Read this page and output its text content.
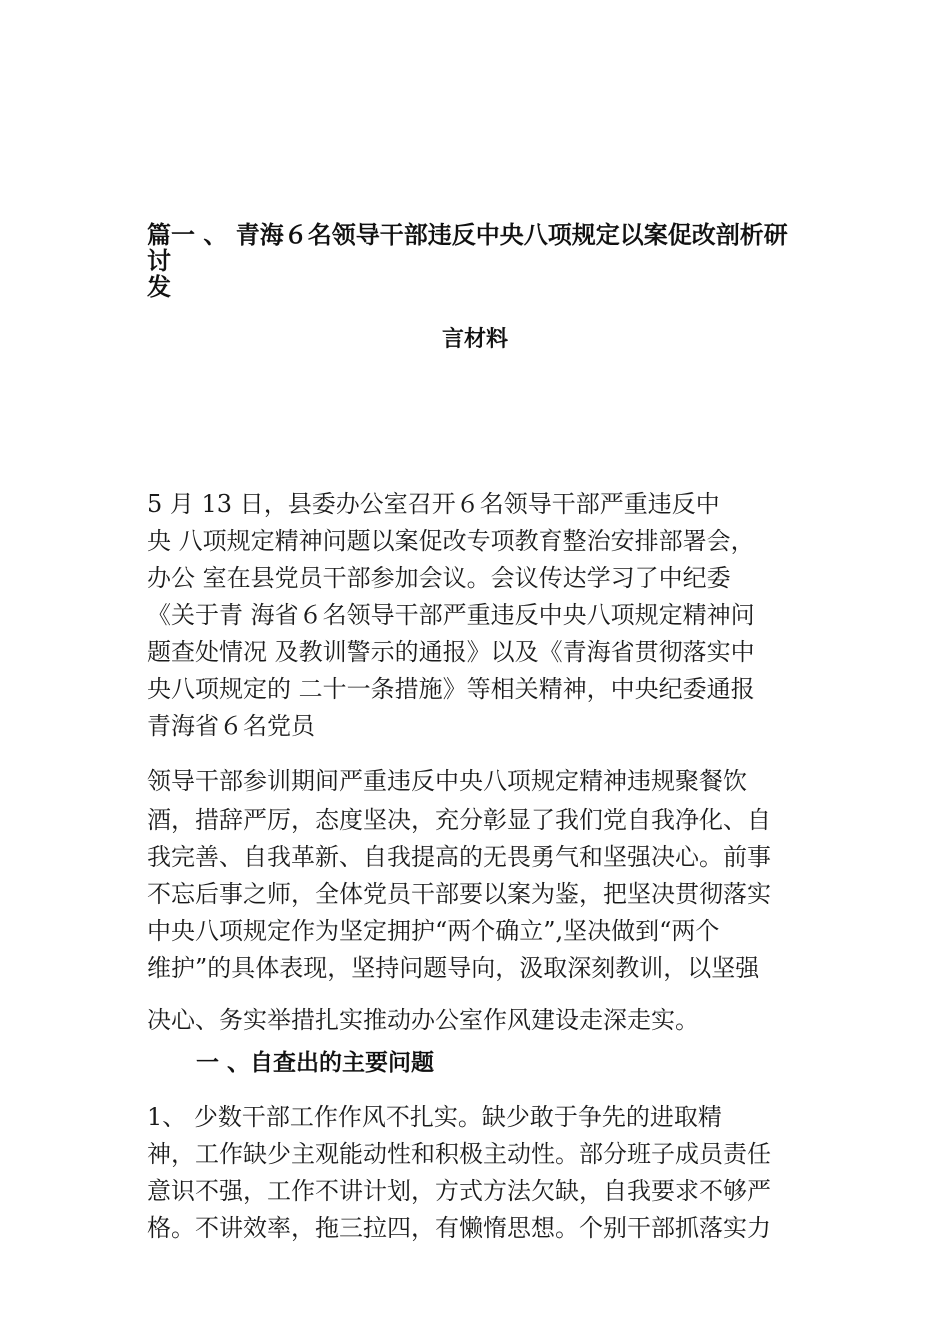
篇一 、 青海６名领导干部违反中央八项规定以案促改剖析研讨
发
言材料

5 月 13 日，县委办公室召开６名领导干部严重违反中

央 八项规定精神问题以案促改专项教育整治安排部署会，

办公 室在县党员干部参加会议。会议传达学习了中纪委

《关于青 海省６名领导干部严重违反中央八项规定精神问

题查处情况 及教训警示的通报》以及《青海省贯彻落实中

央八项规定的 二十一条措施》等相关精神，中央纪委通报

青海省６名党员

领导干部参训期间严重违反中央八项规定精神违规聚餐饮

酒，措辞严厉，态度坚决，充分彰显了我们党自我净化、自

我完善、自我革新、自我提高的无畏勇气和坚强决心。前事

不忘后事之师，全体党员干部要以案为鉴，把坚决贯彻落实

中央八项规定作为坚定拥护“两个确立”,坚决做到“两个

维护”的具体表现，坚持问题导向，汲取深刻教训，以坚强

决心、务实举措扎实推动办公室作风建设走深走实。

一 、自查出的主要问题

1、 少数干部工作作风不扎实。缺少敢于争先的进取精

神，工作缺少主观能动性和积极主动性。部分班子成员责任

意识不强，工作不讲计划，方式方法欠缺，自我要求不够严

格。不讲效率，拖三拉四，有懒惰思想。个别干部抓落实力
